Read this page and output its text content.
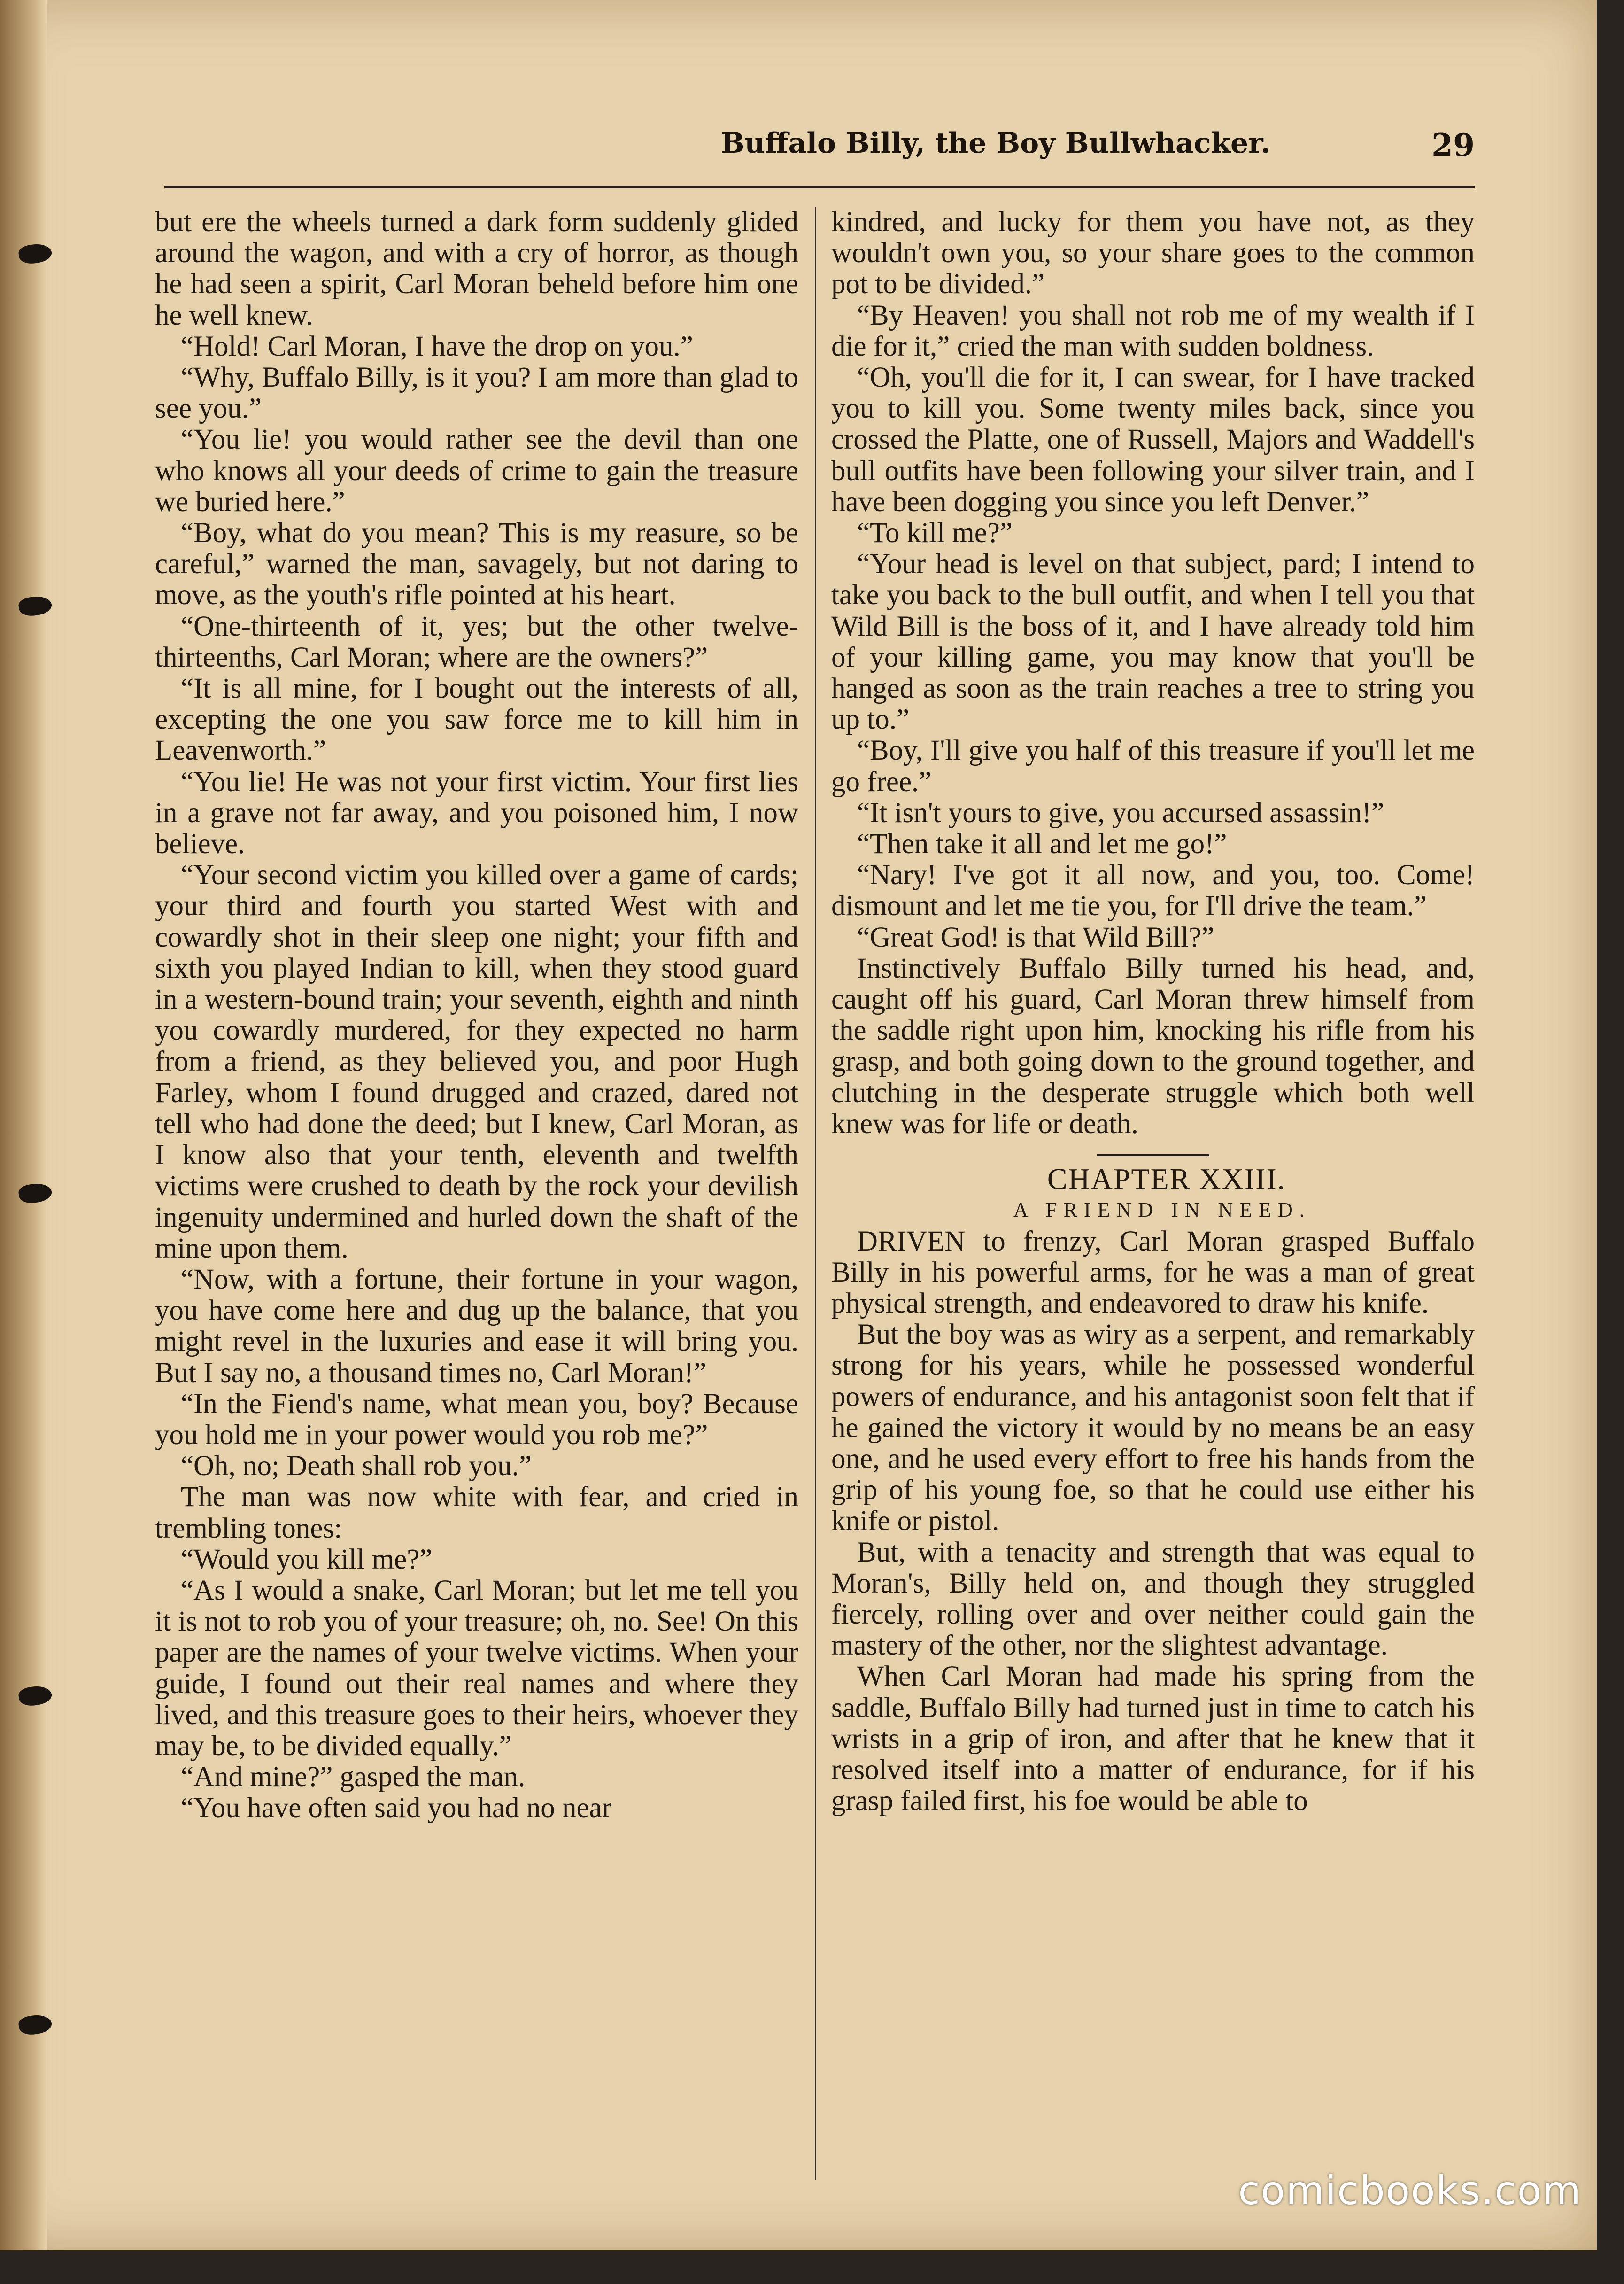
Buffalo Billy, the Boy Bullwhacker.	29

but ere the wheels turned a dark form suddenly glided around the wagon, and with a cry of horror, as though he had seen a spirit, Carl Moran beheld before him one he well knew.

“Hold! Carl Moran, I have the drop on you.”

“Why, Buffalo Billy, is it you? I am more than glad to see you.”

“You lie! you would rather see the devil than one who knows all your deeds of crime to gain the treasure we buried here.”

“Boy, what do you mean? This is my reasure, so be careful,” warned the man, savagely, but not daring to move, as the youth's rifle pointed at his heart.

“One-thirteenth of it, yes; but the other twelve-thirteenths, Carl Moran; where are the owners?”

“It is all mine, for I bought out the interests of all, excepting the one you saw force me to kill him in Leavenworth.”

“You lie! He was not your first victim. Your first lies in a grave not far away, and you poisoned him, I now believe.

“Your second victim you killed over a game of cards; your third and fourth you started West with and cowardly shot in their sleep one night; your fifth and sixth you played Indian to kill, when they stood guard in a western-bound train; your seventh, eighth and ninth you cowardly murdered, for they expected no harm from a friend, as they believed you, and poor Hugh Farley, whom I found drugged and crazed, dared not tell who had done the deed; but I knew, Carl Moran, as I know also that your tenth, eleventh and twelfth victims were crushed to death by the rock your devilish ingenuity undermined and hurled down the shaft of the mine upon them.

“Now, with a fortune, their fortune in your wagon, you have come here and dug up the balance, that you might revel in the luxuries and ease it will bring you. But I say no, a thousand times no, Carl Moran!”

“In the Fiend's name, what mean you, boy? Because you hold me in your power would you rob me?”

“Oh, no; Death shall rob you.”

The man was now white with fear, and cried in trembling tones:

“Would you kill me?”

“As I would a snake, Carl Moran; but let me tell you it is not to rob you of your treasure; oh, no. See! On this paper are the names of your twelve victims. When your guide, I found out their real names and where they lived, and this treasure goes to their heirs, whoever they may be, to be divided equally.”

“And mine?” gasped the man.

“You have often said you had no near

kindred, and lucky for them you have not, as they wouldn't own you, so your share goes to the common pot to be divided.”

“By Heaven! you shall not rob me of my wealth if I die for it,” cried the man with sudden boldness.

“Oh, you'll die for it, I can swear, for I have tracked you to kill you. Some twenty miles back, since you crossed the Platte, one of Russell, Majors and Waddell's bull outfits have been following your silver train, and I have been dogging you since you left Denver.”

“To kill me?”

“Your head is level on that subject, pard; I intend to take you back to the bull outfit, and when I tell you that Wild Bill is the boss of it, and I have already told him of your killing game, you may know that you'll be hanged as soon as the train reaches a tree to string you up to.”

“Boy, I'll give you half of this treasure if you'll let me go free.”

“It isn't yours to give, you accursed assassin!”

“Then take it all and let me go!”

“Nary! I've got it all now, and you, too. Come! dismount and let me tie you, for I'll drive the team.”

“Great God! is that Wild Bill?”

Instinctively Buffalo Billy turned his head, and, caught off his guard, Carl Moran threw himself from the saddle right upon him, knocking his rifle from his grasp, and both going down to the ground together, and clutching in the desperate struggle which both well knew was for life or death.

CHAPTER XXIII.

A FRIEND IN NEED.

DRIVEN to frenzy, Carl Moran grasped Buffalo Billy in his powerful arms, for he was a man of great physical strength, and endeavored to draw his knife.

But the boy was as wiry as a serpent, and remarkably strong for his years, while he possessed wonderful powers of endurance, and his antagonist soon felt that if he gained the victory it would by no means be an easy one, and he used every effort to free his hands from the grip of his young foe, so that he could use either his knife or pistol.

But, with a tenacity and strength that was equal to Moran's, Billy held on, and though they struggled fiercely, rolling over and over neither could gain the mastery of the other, nor the slightest advantage.

When Carl Moran had made his spring from the saddle, Buffalo Billy had turned just in time to catch his wrists in a grip of iron, and after that he knew that it resolved itself into a matter of endurance, for if his grasp failed first, his foe would be able to

comicbooks.com
